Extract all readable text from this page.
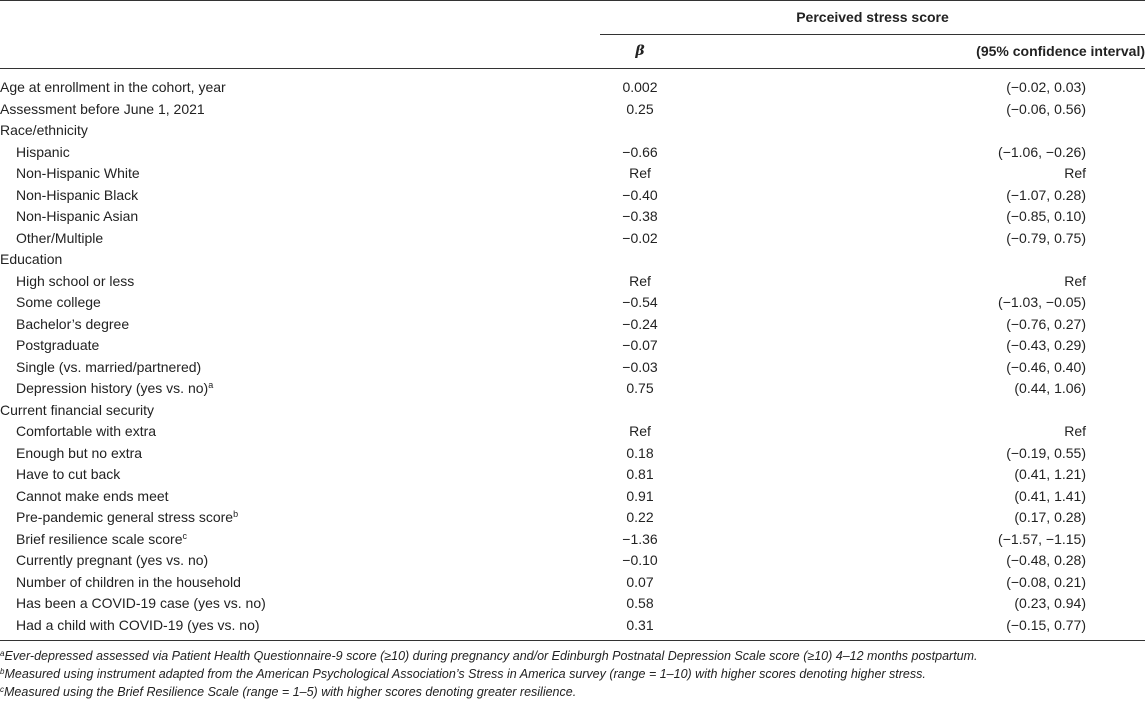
	Perceived stress score	
	β	(95% confidence interval)

Age at enrollment in the cohort, year	0.002	(−0.02, 0.03)
Assessment before June 1, 2021	0.25	(−0.06, 0.56)
Race/ethnicity		
Hispanic	−0.66	(−1.06, −0.26)
Non-Hispanic White	Ref	Ref
Non-Hispanic Black	−0.40	(−1.07, 0.28)
Non-Hispanic Asian	−0.38	(−0.85, 0.10)
Other/Multiple	−0.02	(−0.79, 0.75)
Education		
High school or less	Ref	Ref
Some college	−0.54	(−1.03, −0.05)
Bachelor’s degree	−0.24	(−0.76, 0.27)
Postgraduate	−0.07	(−0.43, 0.29)
Single (vs. married/partnered)	−0.03	(−0.46, 0.40)
Depression history (yes vs. no)$^a$	0.75	(0.44, 1.06)
Current financial security		
Comfortable with extra	Ref	Ref
Enough but no extra	0.18	(−0.19, 0.55)
Have to cut back	0.81	(0.41, 1.21)
Cannot make ends meet	0.91	(0.41, 1.41)
Pre-pandemic general stress score$^b$	0.22	(0.17, 0.28)
Brief resilience scale score$^c$	−1.36	(−1.57, −1.15)
Currently pregnant (yes vs. no)	−0.10	(−0.48, 0.28)
Number of children in the household	0.07	(−0.08, 0.21)
Has been a COVID-19 case (yes vs. no)	0.58	(0.23, 0.94)
Had a child with COVID-19 (yes vs. no)	0.31	(−0.15, 0.77)
$^a$Ever-depressed assessed via Patient Health Questionnaire-9 score (≥10) during pregnancy and/or Edinburgh Postnatal Depression Scale score (≥10) 4–12 months postpartum.
$^b$Measured using instrument adapted from the American Psychological Association’s Stress in America survey (range = 1–10) with higher scores denoting higher stress.
$^c$Measured using the Brief Resilience Scale (range = 1–5) with higher scores denoting greater resilience.
